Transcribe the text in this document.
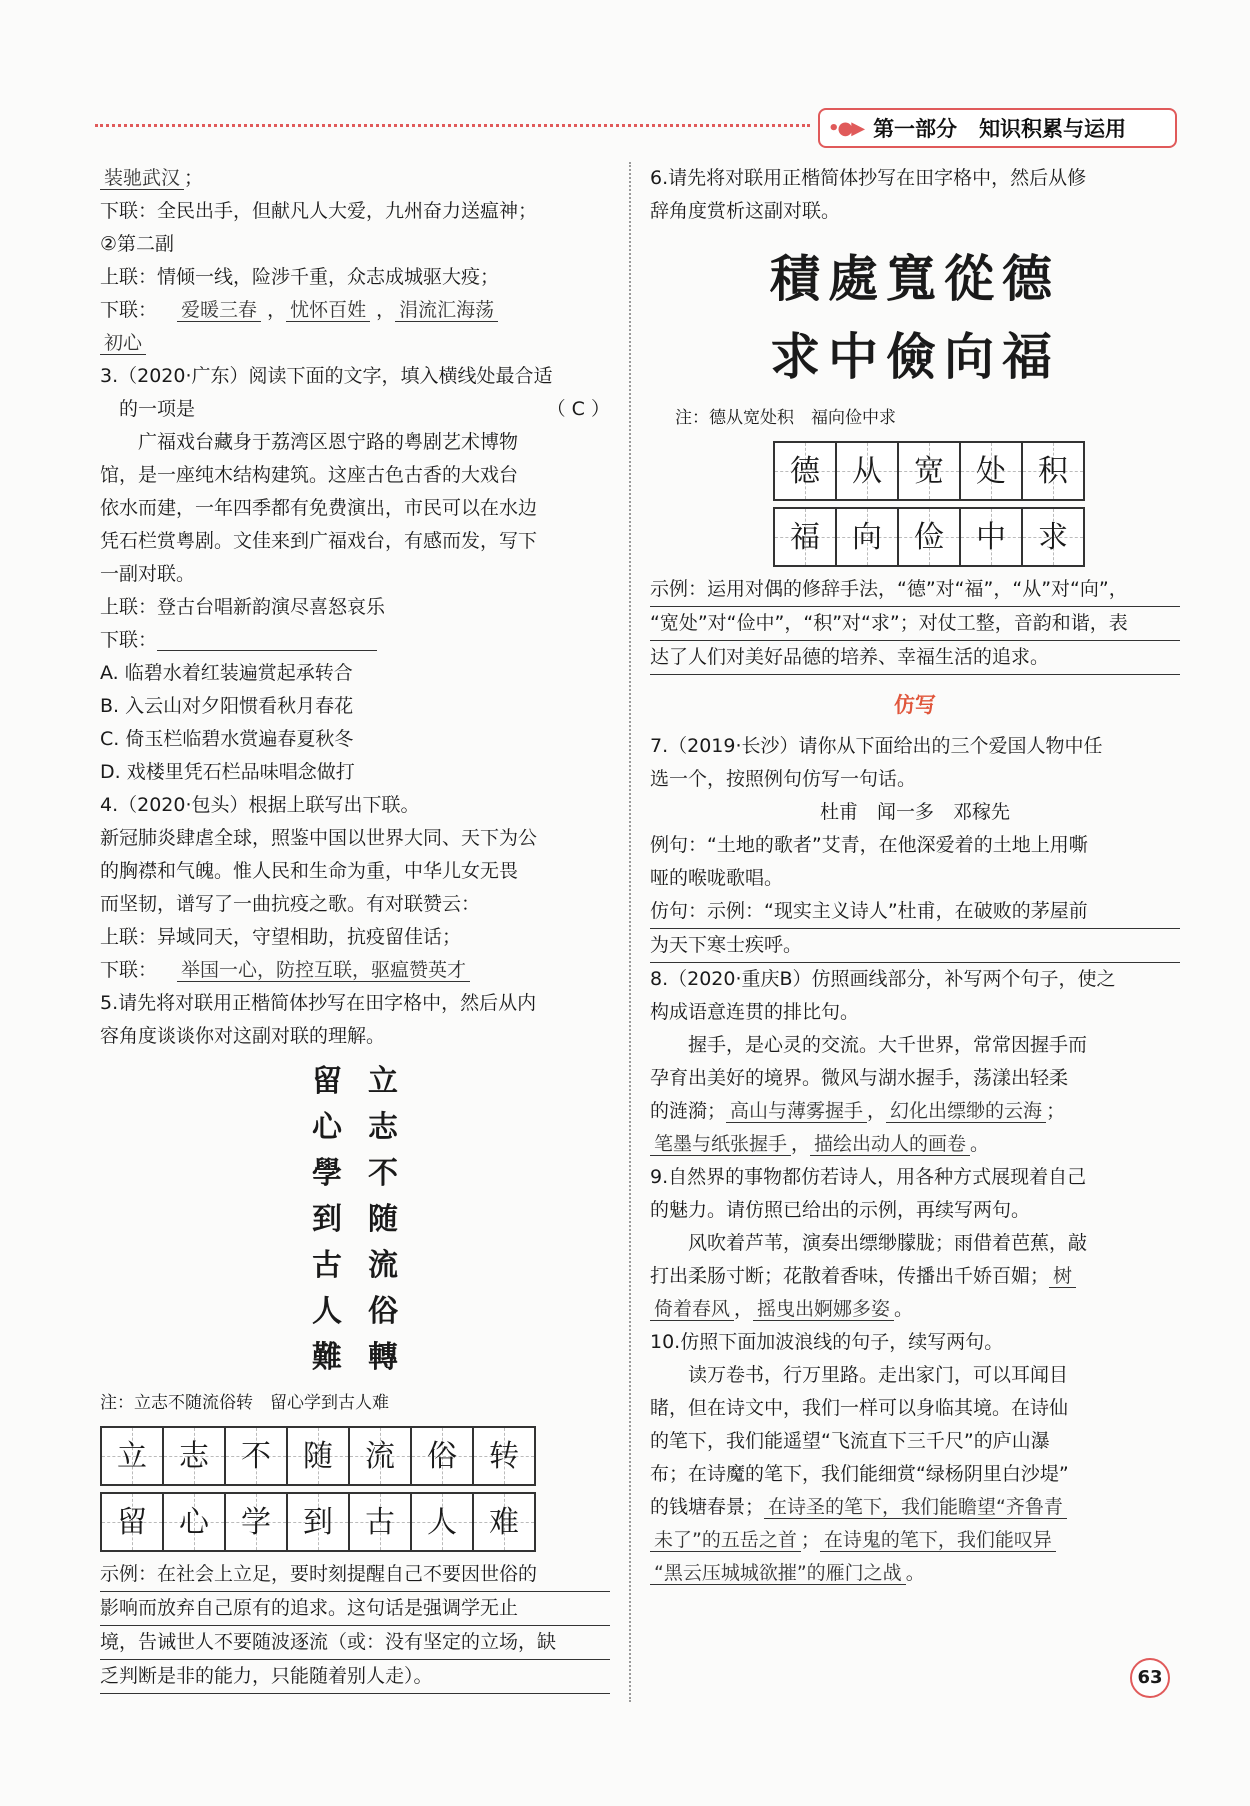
•●▶ 第一部分 知识积累与运用

装驰武汉 ；

下联：全民出手，但献凡人大爱，九州奋力送瘟神；

②第二副

上联：情倾一线，险涉千重，众志成城驱大疫；

下联： 爱暖三春 ， 忧怀百姓 ， 涓流汇海荡

初心

3.（2020·广东）阅读下面的文字，填入横线处最合适

　的一项是	（ C ）

广福戏台藏身于荔湾区恩宁路的粤剧艺术博物

馆，是一座纯木结构建筑。这座古色古香的大戏台

依水而建，一年四季都有免费演出，市民可以在水边

凭石栏赏粤剧。文佳来到广福戏台，有感而发，写下

一副对联。

上联：登古台唱新韵演尽喜怒哀乐

下联：

A. 临碧水着红装遍赏起承转合

B. 入云山对夕阳惯看秋月春花

C. 倚玉栏临碧水赏遍春夏秋冬

D. 戏楼里凭石栏品味唱念做打

4.（2020·包头）根据上联写出下联。

新冠肺炎肆虐全球，照鉴中国以世界大同、天下为公

的胸襟和气魄。惟人民和生命为重，中华儿女无畏

而坚韧，谱写了一曲抗疫之歌。有对联赞云：

上联：异域同天，守望相助，抗疫留佳话；

下联： 举国一心，防控互联，驱瘟赞英才

5.请先将对联用正楷简体抄写在田字格中，然后从内

容角度谈谈你对这副对联的理解。

留
心
學
到
古
人
難
立
志
不
随
流
俗
轉

注：立志不随流俗转　留心学到古人难

立 志 不 随 流 俗 转
留 心 学 到 古 人 难

示例：在社会上立足，要时刻提醒自己不要因世俗的

影响而放弃自己原有的追求。这句话是强调学无止

境，告诫世人不要随波逐流（或：没有坚定的立场，缺

乏判断是非的能力，只能随着别人走）。

6.请先将对联用正楷简体抄写在田字格中，然后从修

辞角度赏析这副对联。

積處寬從德
求中儉向福

注：德从宽处积　福向俭中求

德 从 宽 处 积
福 向 俭 中 求

示例：运用对偶的修辞手法，“德”对“福”，“从”对“向”，

“宽处”对“俭中”，“积”对“求”；对仗工整，音韵和谐，表

达了人们对美好品德的培养、幸福生活的追求。

仿写

7.（2019·长沙）请你从下面给出的三个爱国人物中任

选一个，按照例句仿写一句话。

杜甫　闻一多　邓稼先

例句：“土地的歌者”艾青，在他深爱着的土地上用嘶

哑的喉咙歌唱。

仿句：示例：“现实主义诗人”杜甫，在破败的茅屋前

为天下寒士疾呼。

8.（2020·重庆B）仿照画线部分，补写两个句子，使之

构成语意连贯的排比句。

握手，是心灵的交流。大千世界，常常因握手而

孕育出美好的境界。微风与湖水握手，荡漾出轻柔

的涟漪； 高山与薄雾握手 ， 幻化出缥缈的云海 ；

笔墨与纸张握手 ， 描绘出动人的画卷 。

9.自然界的事物都仿若诗人，用各种方式展现着自己

的魅力。请仿照已给出的示例，再续写两句。

风吹着芦苇，演奏出缥缈朦胧；雨借着芭蕉，敲

打出柔肠寸断；花散着香味，传播出千娇百媚； 树

倚着春风 ， 摇曳出婀娜多姿 。

10.仿照下面加波浪线的句子，续写两句。

读万卷书，行万里路。走出家门，可以耳闻目

睹，但在诗文中，我们一样可以身临其境。在诗仙

的笔下，我们能遥望“飞流直下三千尺”的庐山瀑

布；在诗魔的笔下，我们能细赏“绿杨阴里白沙堤”

的钱塘春景； 在诗圣的笔下，我们能瞻望“齐鲁青

未了”的五岳之首 ； 在诗鬼的笔下，我们能叹异

“黑云压城城欲摧”的雁门之战 。

63
